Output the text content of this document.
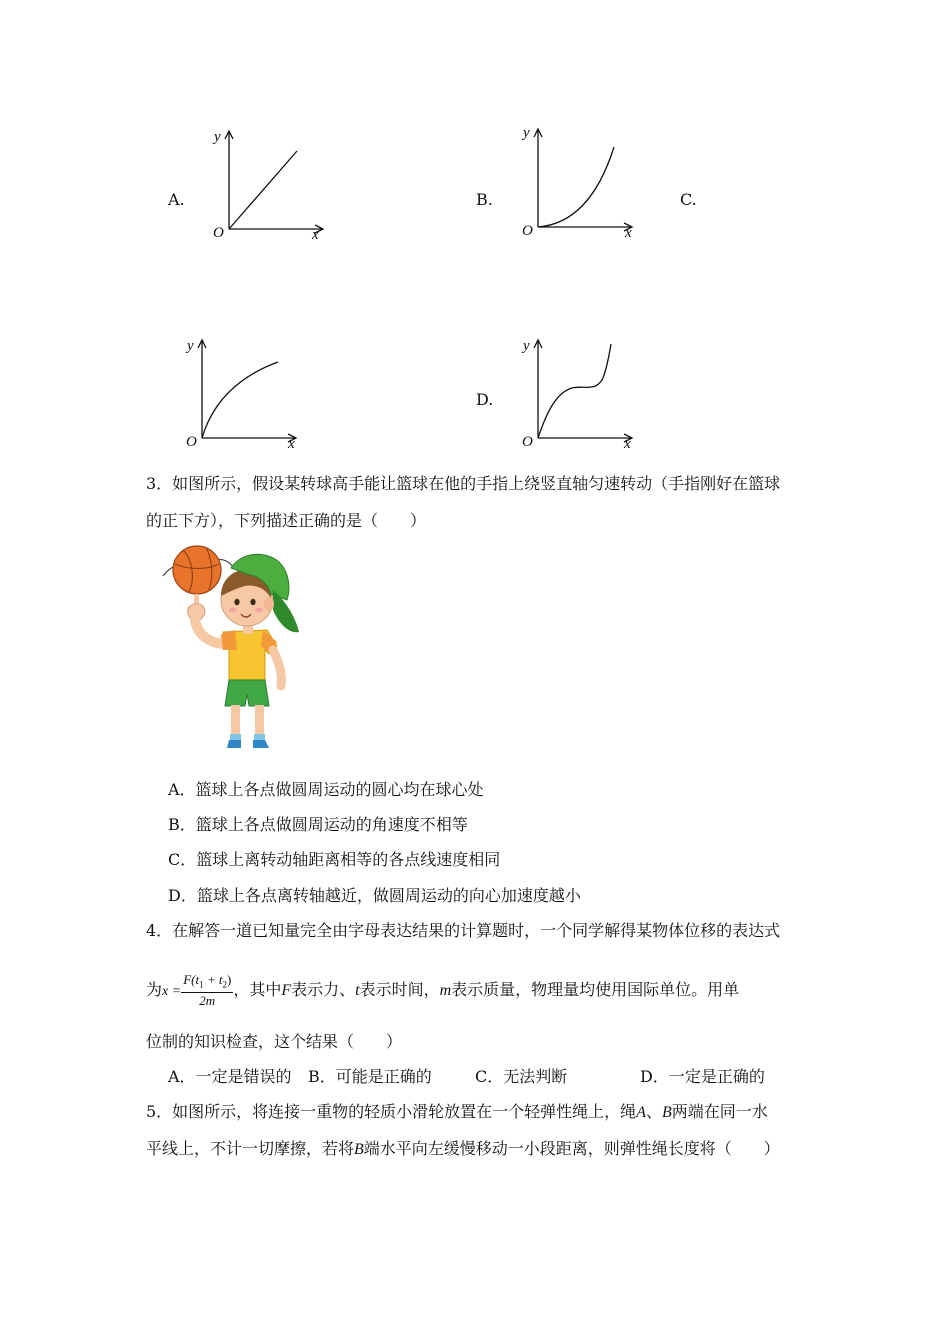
A.
y
x
O
B.
y
x
O
C.
y
x
O
D.
y
x
O
3．如图所示，假设某转球高手能让篮球在他的手指上绕竖直轴匀速转动（手指刚好在篮球
的正下方），下列描述正确的是（　　）
A．篮球上各点做圆周运动的圆心均在球心处
B．篮球上各点做圆周运动的角速度不相等
C．篮球上离转动轴距离相等的各点线速度相同
D．篮球上各点离转轴越近，做圆周运动的向心加速度越小
4．在解答一道已知量完全由字母表达结果的计算题时，一个同学解得某物体位移的表达式
为$x = \frac{F(t_1 + t_2)}{2m}$ ，其中F表示力、t表示时间，m表示质量，物理量均使用国际单位。用单
位制的知识检查，这个结果（　　）
A．一定是错误的 B．可能是正确的	C．无法判断	D．一定是正确的
5．如图所示，将连接一重物的轻质小滑轮放置在一个轻弹性绳上，绳A、B两端在同一水
平线上，不计一切摩擦，若将B端水平向左缓慢移动一小段距离，则弹性绳长度将（　　）
